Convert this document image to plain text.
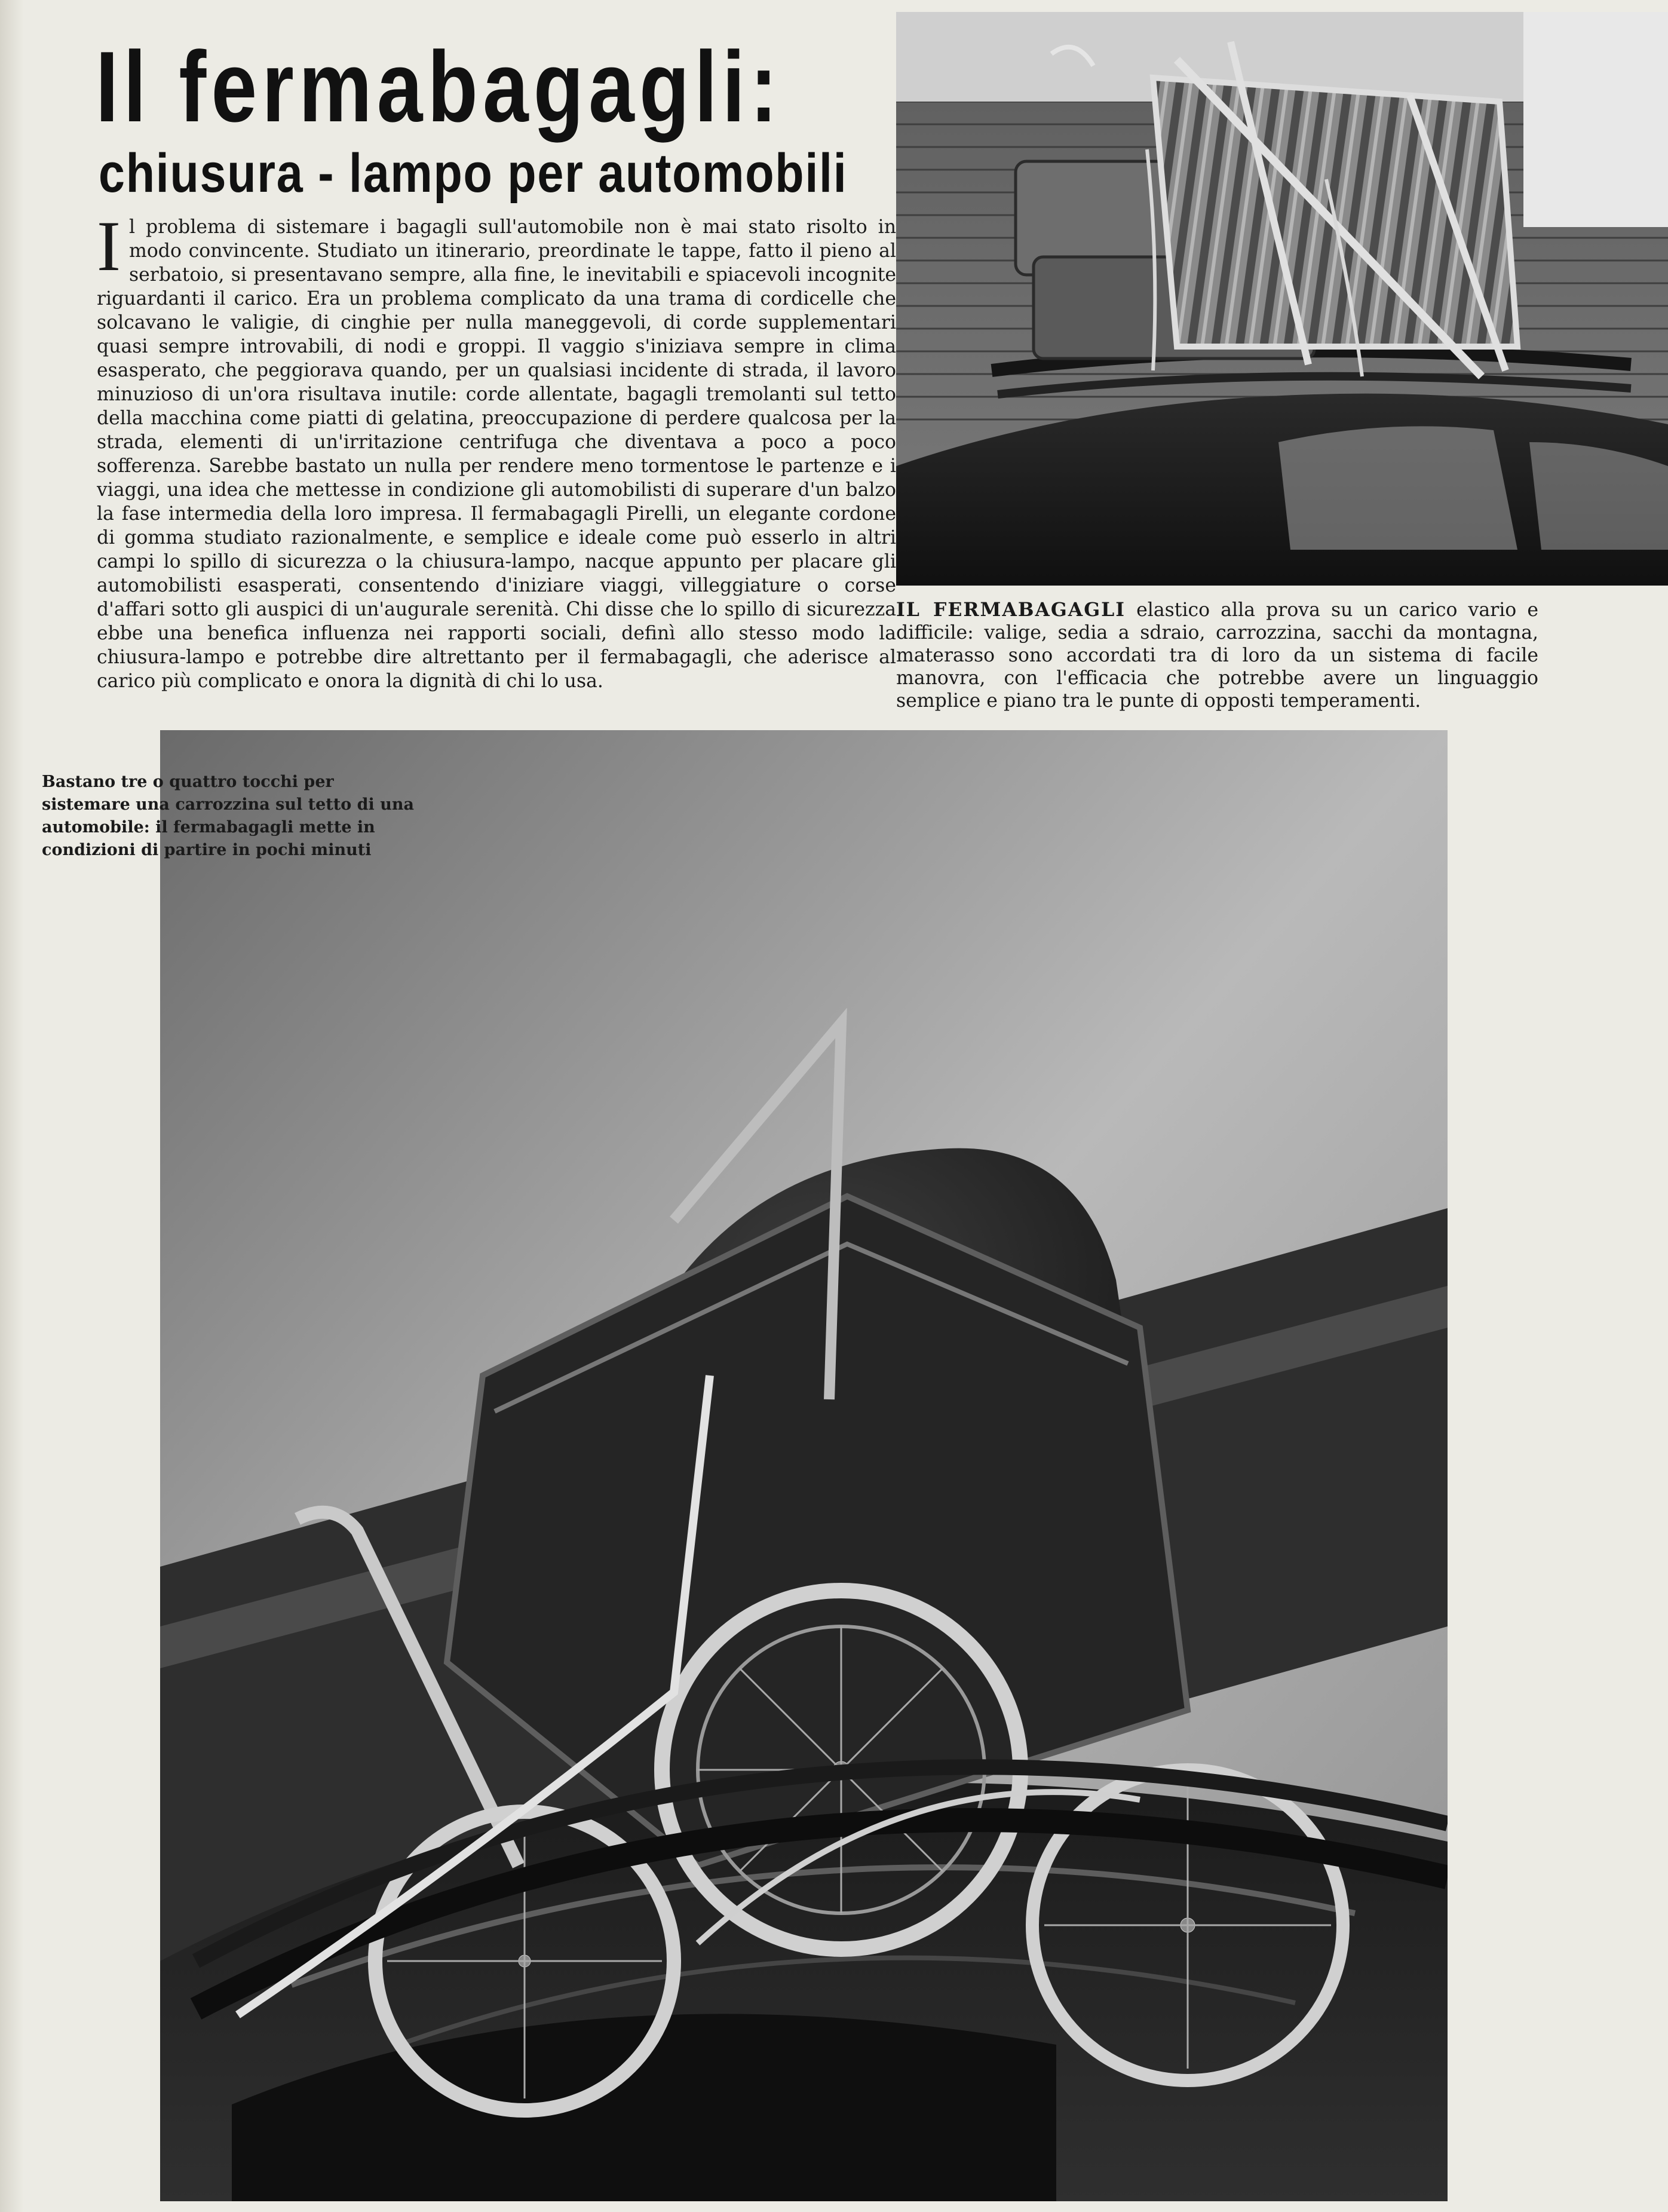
Il fermabagagli:
chiusura - lampo per automobili

I l problema di sistemare i bagagli sull'automobile non è mai stato risolto in modo convincente. Studiato un itinerario, preordinate le tappe, fatto il pieno al serbatoio, si presentavano sempre, alla fine, le inevitabili e spiacevoli incognite riguardanti il carico. Era un problema complicato da una trama di cordicelle che solcavano le valigie, di cinghie per nulla maneggevoli, di corde supplementari quasi sempre introvabili, di nodi e groppi. Il vaggio s'iniziava sempre in clima esasperato, che peggiorava quando, per un qualsiasi incidente di strada, il lavoro minuzioso di un'ora risultava inutile: corde allentate, bagagli tremolanti sul tetto della macchina come piatti di gelatina, preoccupazione di perdere qualcosa per la strada, elementi di un'irritazione centrifuga che diventava a poco a poco sofferenza. Sarebbe bastato un nulla per rendere meno tormentose le partenze e i viaggi, una idea che mettesse in condizione gli automobilisti di superare d'un balzo la fase intermedia della loro impresa. Il fermabagagli Pirelli, un elegante cordone di gomma studiato razionalmente, e semplice e ideale come può esserlo in altri campi lo spillo di sicurezza o la chiusura-lampo, nacque appunto per placare gli automobilisti esasperati, consentendo d'iniziare viaggi, villeggiature o corse d'affari sotto gli auspici di un'augurale serenità. Chi disse che lo spillo di sicurezza ebbe una benefica influenza nei rapporti sociali, definì allo stesso modo la chiusura-lampo e potrebbe dire altrettanto per il fermabagagli, che aderisce al carico più complicato e onora la dignità di chi lo usa.

IL FERMABAGAGLI elastico alla prova su un carico vario e difficile: valige, sedia a sdraio, carrozzina, sacchi da montagna, materasso sono accordati tra di loro da un sistema di facile manovra, con l'efficacia che potrebbe avere un linguaggio semplice e piano tra le punte di opposti temperamenti.

Bastano tre o quattro tocchi per sistemare una carrozzina sul tetto di una automobile: il fermabagagli mette in condizioni di partire in pochi minuti
